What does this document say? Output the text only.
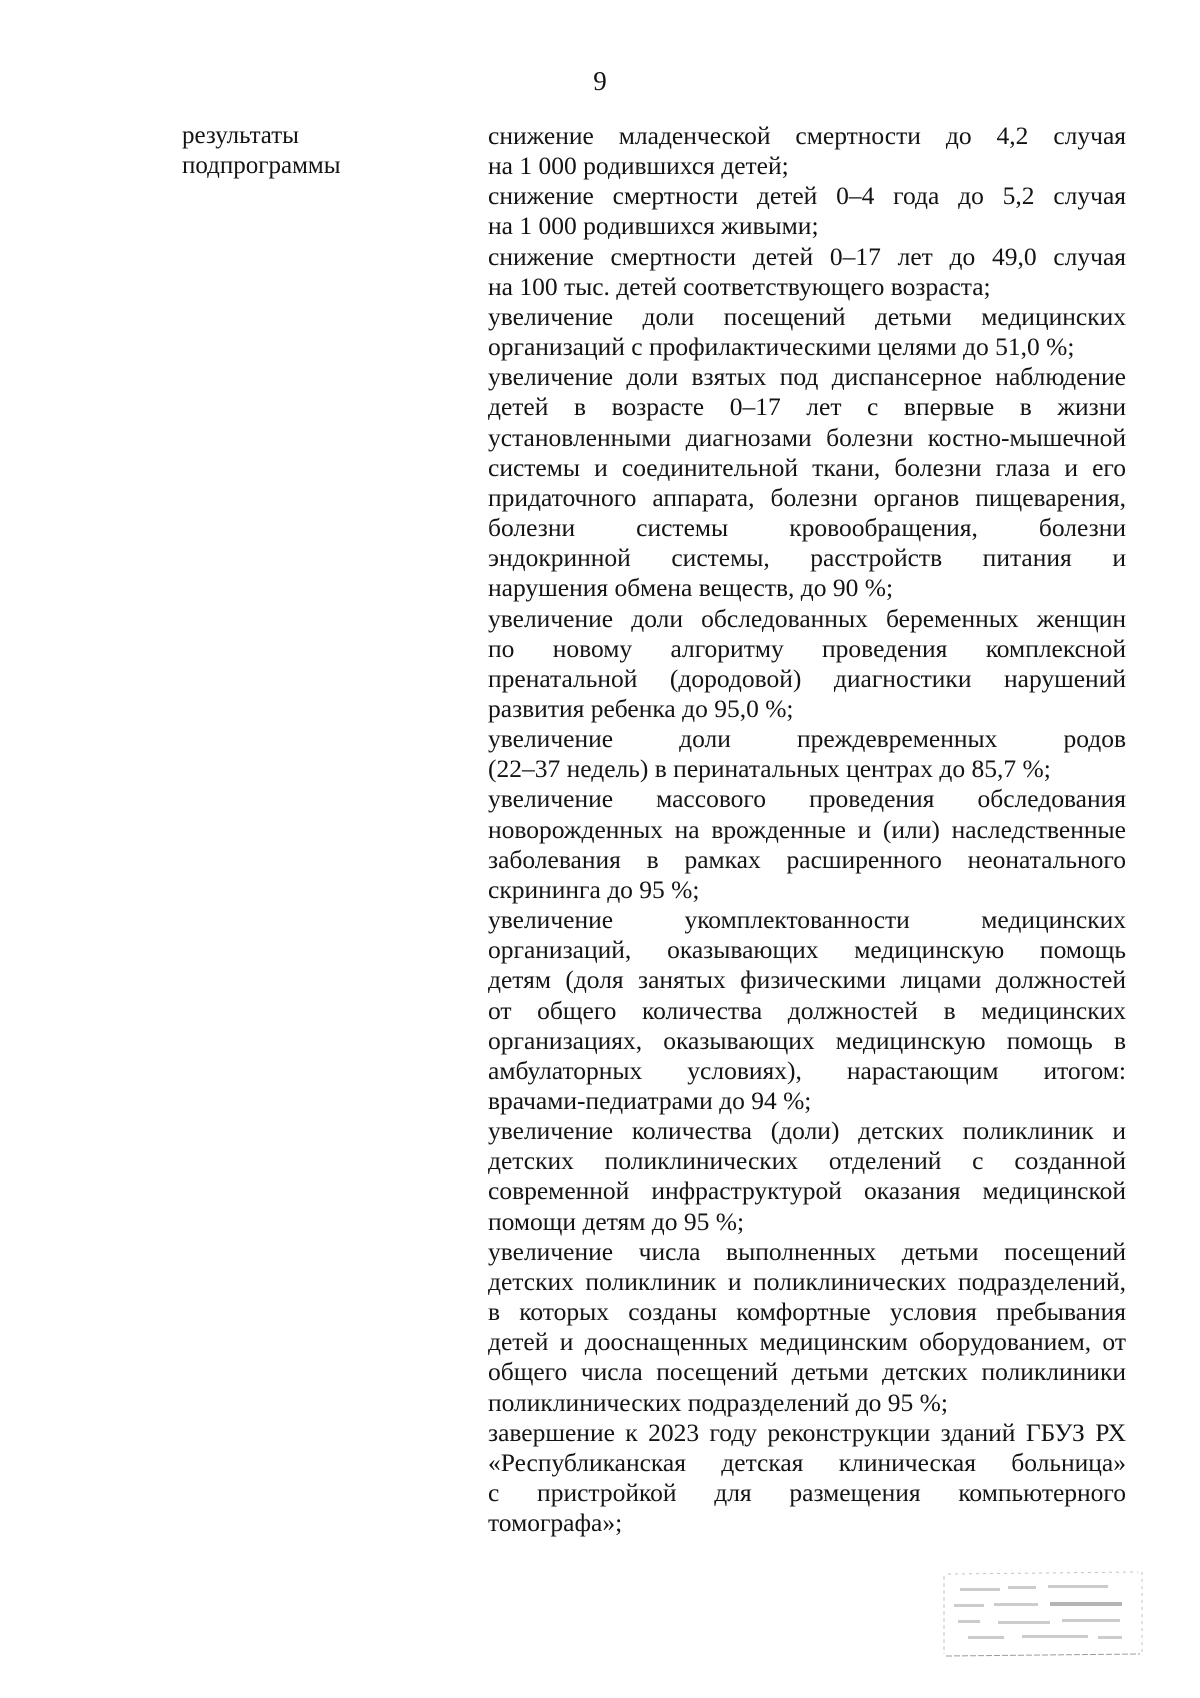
9
результаты
подпрограммы
снижение младенческой смертности до 4,2 случая
на 1 000 родившихся детей;
снижение смертности детей 0–4 года до 5,2 случая
на 1 000 родившихся живыми;
снижение смертности детей 0–17 лет до 49,0 случая
на 100 тыс. детей соответствующего возраста;
увеличение доли посещений детьми медицинских
организаций с профилактическими целями до 51,0 %;
увеличение доли взятых под диспансерное наблюдение
детей в возрасте 0–17 лет с впервые в жизни
установленными диагнозами болезни костно-мышечной
системы и соединительной ткани, болезни глаза и его
придаточного аппарата, болезни органов пищеварения,
болезни системы кровообращения, болезни
эндокринной системы, расстройств питания и
нарушения обмена веществ, до 90 %;
увеличение доли обследованных беременных женщин
по новому алгоритму проведения комплексной
пренатальной (дородовой) диагностики нарушений
развития ребенка до 95,0 %;
увеличение доли преждевременных родов
(22–37 недель) в перинатальных центрах до 85,7 %;
увеличение массового проведения обследования
новорожденных на врожденные и (или) наследственные
заболевания в рамках расширенного неонатального
скрининга до 95 %;
увеличение укомплектованности медицинских
организаций, оказывающих медицинскую помощь
детям (доля занятых физическими лицами должностей
от общего количества должностей в медицинских
организациях, оказывающих медицинскую помощь в
амбулаторных условиях), нарастающим итогом:
врачами-педиатрами до 94 %;
увеличение количества (доли) детских поликлиник и
детских поликлинических отделений с созданной
современной инфраструктурой оказания медицинской
помощи детям до 95 %;
увеличение числа выполненных детьми посещений
детских поликлиник и поликлинических подразделений,
в которых созданы комфортные условия пребывания
детей и дооснащенных медицинским оборудованием, от
общего числа посещений детьми детских поликлиники
поликлинических подразделений до 95 %;
завершение к 2023 году реконструкции зданий ГБУЗ РХ
«Республиканская детская клиническая больница»
с пристройкой для размещения компьютерного
томографа»;
